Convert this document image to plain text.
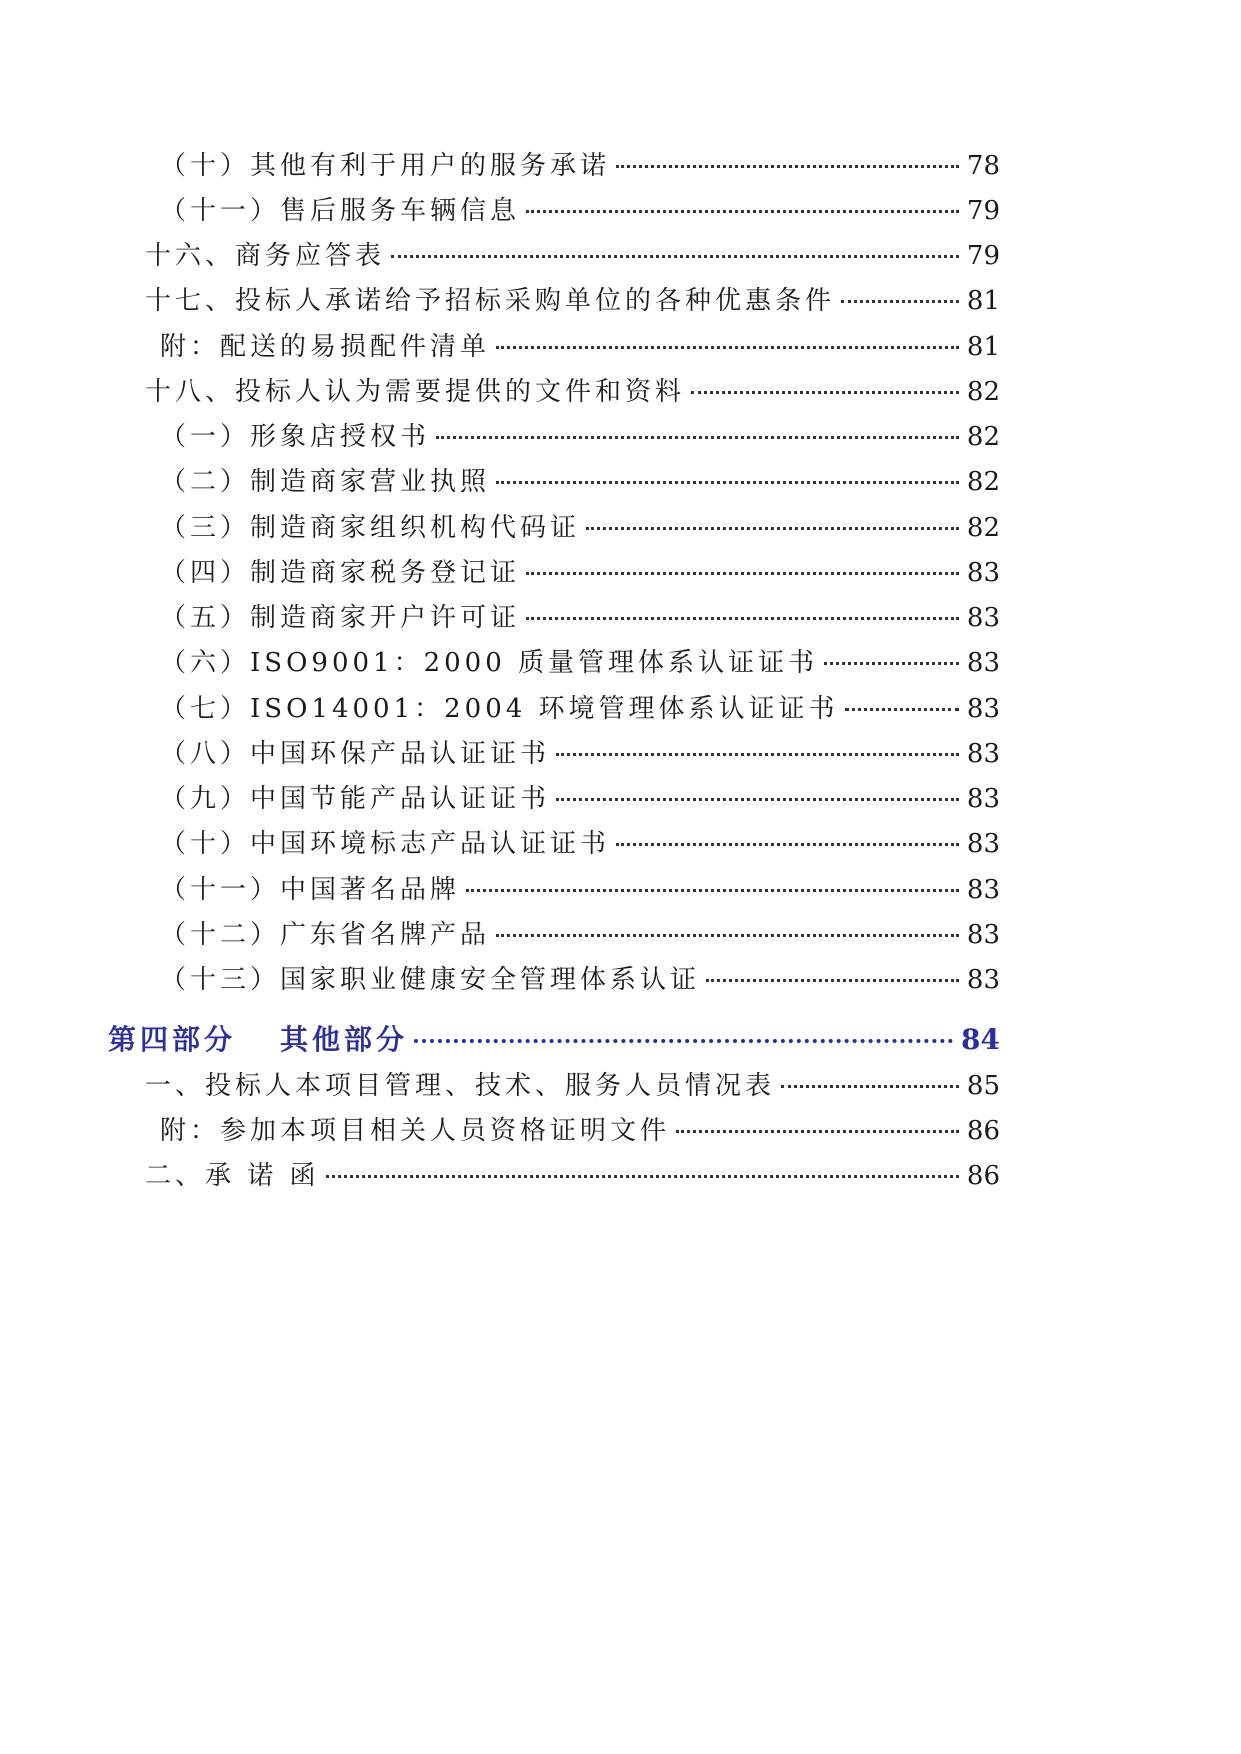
（十）其他有利于用户的服务承诺	78
（十一）售后服务车辆信息	79
十六、商务应答表	79
十七、投标人承诺给予招标采购单位的各种优惠条件	81
附：配送的易损配件清单	81
十八、投标人认为需要提供的文件和资料	82
（一）形象店授权书	82
（二）制造商家营业执照	82
（三）制造商家组织机构代码证	82
（四）制造商家税务登记证	83
（五）制造商家开户许可证	83
（六）ISO9001：2000 质量管理体系认证证书	83
（七）ISO14001：2004 环境管理体系认证证书	83
（八）中国环保产品认证证书	83
（九）中国节能产品认证证书	83
（十）中国环境标志产品认证证书	83
（十一）中国著名品牌	83
（十二）广东省名牌产品	83
（十三）国家职业健康安全管理体系认证	83
第四部分 其他部分	84
一、投标人本项目管理、技术、服务人员情况表	85
附：参加本项目相关人员资格证明文件	86
二、承 诺 函	86
